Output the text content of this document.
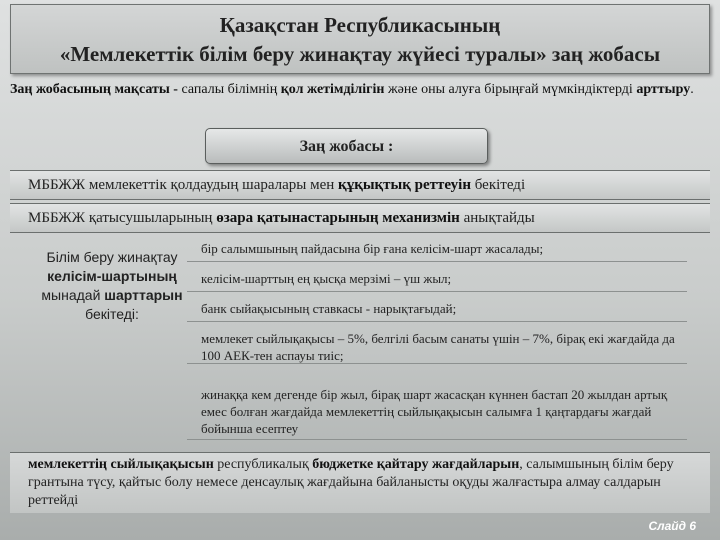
Қазақстан Республикасының
«Мемлекеттік білім беру жинақтау жүйесі туралы» заң жобасы
Заң жобасының мақсаты - сапалы білімнің қол жетімділігін және оны алуға бірыңғай мүмкіндіктерді арттыру.
Заң жобасы :
МББЖЖ мемлекеттік қолдаудың шаралары мен құқықтық реттеуін бекітеді
МББЖЖ қатысушыларының өзара қатынастарының механизмін анықтайды
Білім беру жинақтау келісім-шартының мынадай шарттарын бекітеді:
бір салымшының пайдасына бір ғана келісім-шарт жасалады;
келісім-шарттың ең қысқа мерзімі – үш жыл;
банк сыйақысының ставкасы - нарықтағыдай;
мемлекет сыйлықақысы – 5%, белгілі басым санаты үшін – 7%, бірақ екі жағдайда да 100 АЕК-тен аспауы тиіс;
жинаққа кем дегенде бір жыл, бірақ шарт жасасқан күннен бастап 20 жылдан артық емес болған жағдайда мемлекеттің сыйлықақысын салымға 1 қаңтардағы жағдай бойынша есептеу
мемлекеттің сыйлықақысын республикалық бюджетке қайтару жағдайларын, салымшының білім беру грантына түсу, қайтыс болу немесе денсаулық жағдайына байланысты оқуды жалғастыра алмау салдарын реттейді
Слайд 6
